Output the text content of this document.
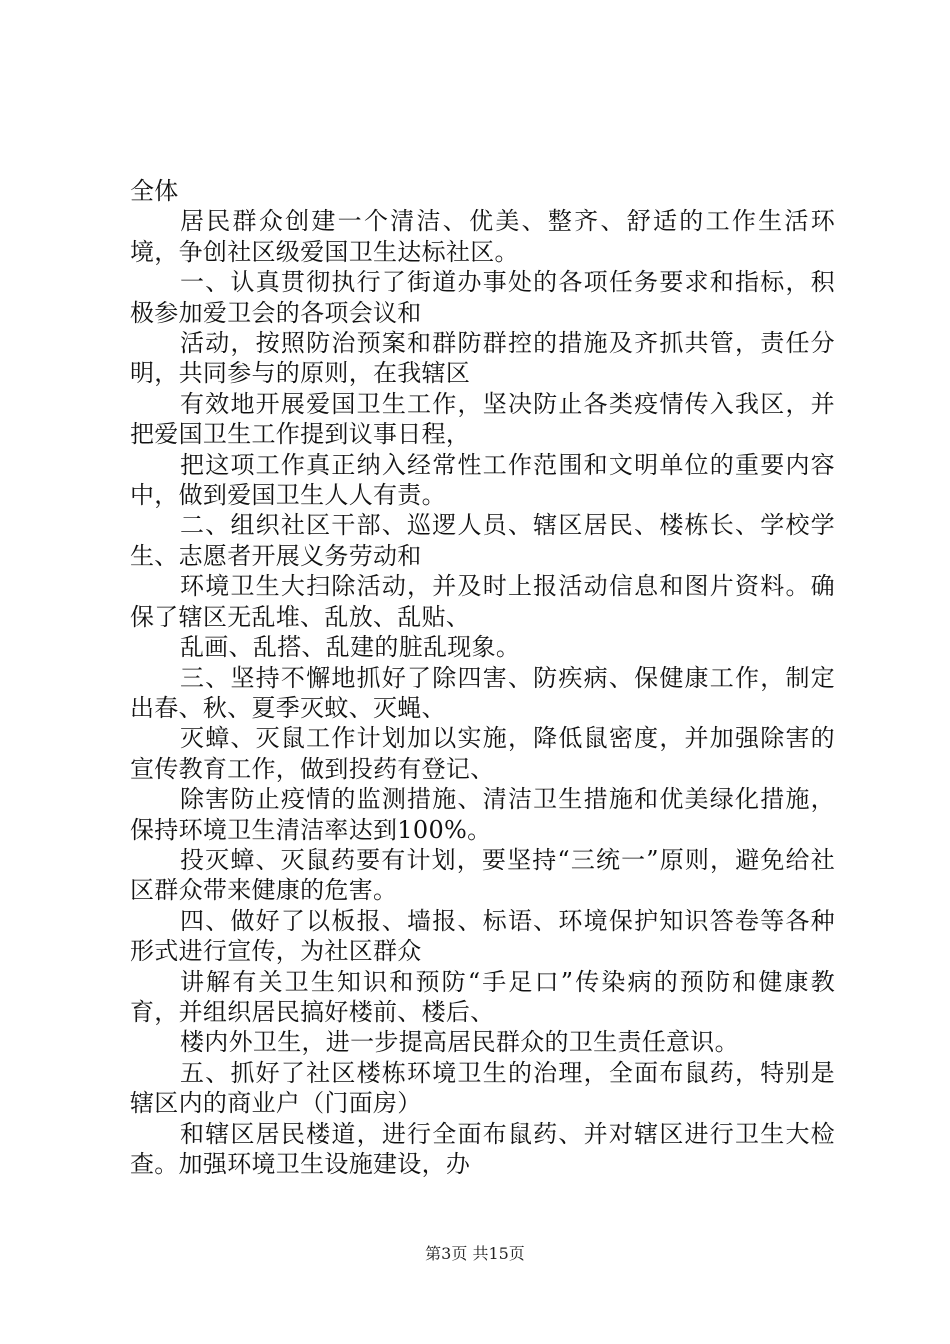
全体

居民群众创建一个清洁、优美、整齐、舒适的工作生活环境，争创社区级爱国卫生达标社区。

一、认真贯彻执行了街道办事处的各项任务要求和指标，积极参加爱卫会的各项会议和

活动，按照防治预案和群防群控的措施及齐抓共管，责任分明，共同参与的原则，在我辖区

有效地开展爱国卫生工作，坚决防止各类疫情传入我区，并把爱国卫生工作提到议事日程，

把这项工作真正纳入经常性工作范围和文明单位的重要内容中，做到爱国卫生人人有责。

二、组织社区干部、巡逻人员、辖区居民、楼栋长、学校学生、志愿者开展义务劳动和

环境卫生大扫除活动，并及时上报活动信息和图片资料。确保了辖区无乱堆、乱放、乱贴、

乱画、乱搭、乱建的脏乱现象。

三、坚持不懈地抓好了除四害、防疾病、保健康工作，制定出春、秋、夏季灭蚊、灭蝇、

灭蟑、灭鼠工作计划加以实施，降低鼠密度，并加强除害的宣传教育工作，做到投药有登记、

除害防止疫情的监测措施、清洁卫生措施和优美绿化措施，保持环境卫生清洁率达到100%。

投灭蟑、灭鼠药要有计划，要坚持“三统一”原则，避免给社区群众带来健康的危害。

四、做好了以板报、墙报、标语、环境保护知识答卷等各种形式进行宣传，为社区群众

讲解有关卫生知识和预防“手足口”传染病的预防和健康教育，并组织居民搞好楼前、楼后、

楼内外卫生，进一步提高居民群众的卫生责任意识。

五、抓好了社区楼栋环境卫生的治理，全面布鼠药，特别是辖区内的商业户（门面房）

和辖区居民楼道，进行全面布鼠药、并对辖区进行卫生大检查。加强环境卫生设施建设，办

第3页 共15页
